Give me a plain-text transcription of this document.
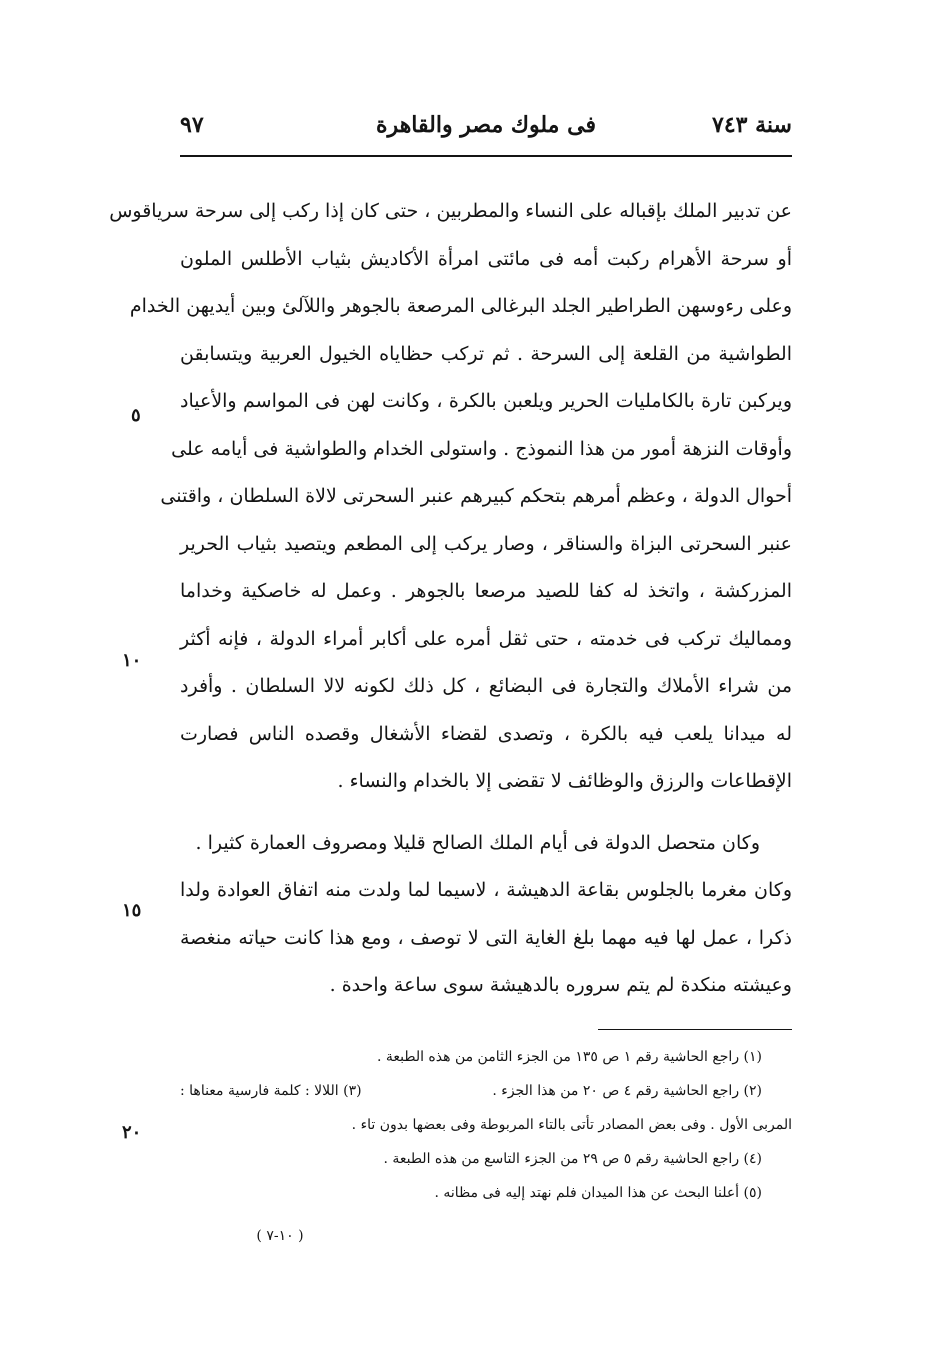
سنة ٧٤٣
فى ملوك مصر والقاهرة
٩٧
عن تدبير الملك بإقباله على النساء والمطربين ، حتى كان إذا ركب إلى سرحة سرياقوس
أو سرحة الأهرام ركبت أمه فى مائتى امرأة الأكاديش بثياب الأطلس الملون
وعلى رءوسهن الطراطير الجلد البرغالى المرصعة بالجوهر واللآلئ وبين أيديهن الخدام
الطواشية من القلعة إلى السرحة . ثم تركب حظاياه الخيول العربية ويتسابقن
ويركبن تارة بالكامليات الحرير ويلعبن بالكرة ، وكانت لهن فى المواسم والأعياد
وأوقات النزهة أمور من هذا النموذج . واستولى الخدام والطواشية فى أيامه على
أحوال الدولة ، وعظم أمرهم بتحكم كبيرهم عنبر السحرتى لالاة السلطان ، واقتنى
عنبر السحرتى البزاة والسناقر ، وصار يركب إلى المطعم ويتصيد بثياب الحرير
المزركشة ، واتخذ له كفا للصيد مرصعا بالجوهر . وعمل له خاصكية وخداما
ومماليك تركب فى خدمته ، حتى ثقل أمره على أكابر أمراء الدولة ، فإنه أكثر
من شراء الأملاك والتجارة فى البضائع ، كل ذلك لكونه لالا السلطان . وأفرد
له ميدانا يلعب فيه بالكرة ، وتصدى لقضاء الأشغال وقصده الناس فصارت
الإقطاعات والرزق والوظائف لا تقضى إلا بالخدام والنساء .
وكان متحصل الدولة فى أيام الملك الصالح قليلا ومصروف العمارة كثيرا .
وكان مغرما بالجلوس بقاعة الدهيشة ، لاسيما لما ولدت منه اتفاق العوادة ولدا
ذكرا ، عمل لها فيه مهما بلغ الغاية التى لا توصف ، ومع هذا كانت حياته منغصة
وعيشته منكدة لم يتم سروره بالدهيشة سوى ساعة واحدة .
٥
١٠
١٥
٢٠
(١) راجع الحاشية رقم ١ ص ١٣٥ من الجزء الثامن من هذه الطبعة .
(٢) راجع الحاشية رقم ٤ ص ٢٠ من هذا الجزء .
(٣) اللالا : كلمة فارسية معناها :
المربى الأول . وفى بعض المصادر تأتى بالتاء المربوطة وفى بعضها بدون تاء .
(٤) راجع الحاشية رقم ٥ ص ٢٩ من الجزء التاسع من هذه الطبعة .
(٥) أعلنا البحث عن هذا الميدان فلم نهتد إليه فى مظانه .
( ١٠-٧ )
